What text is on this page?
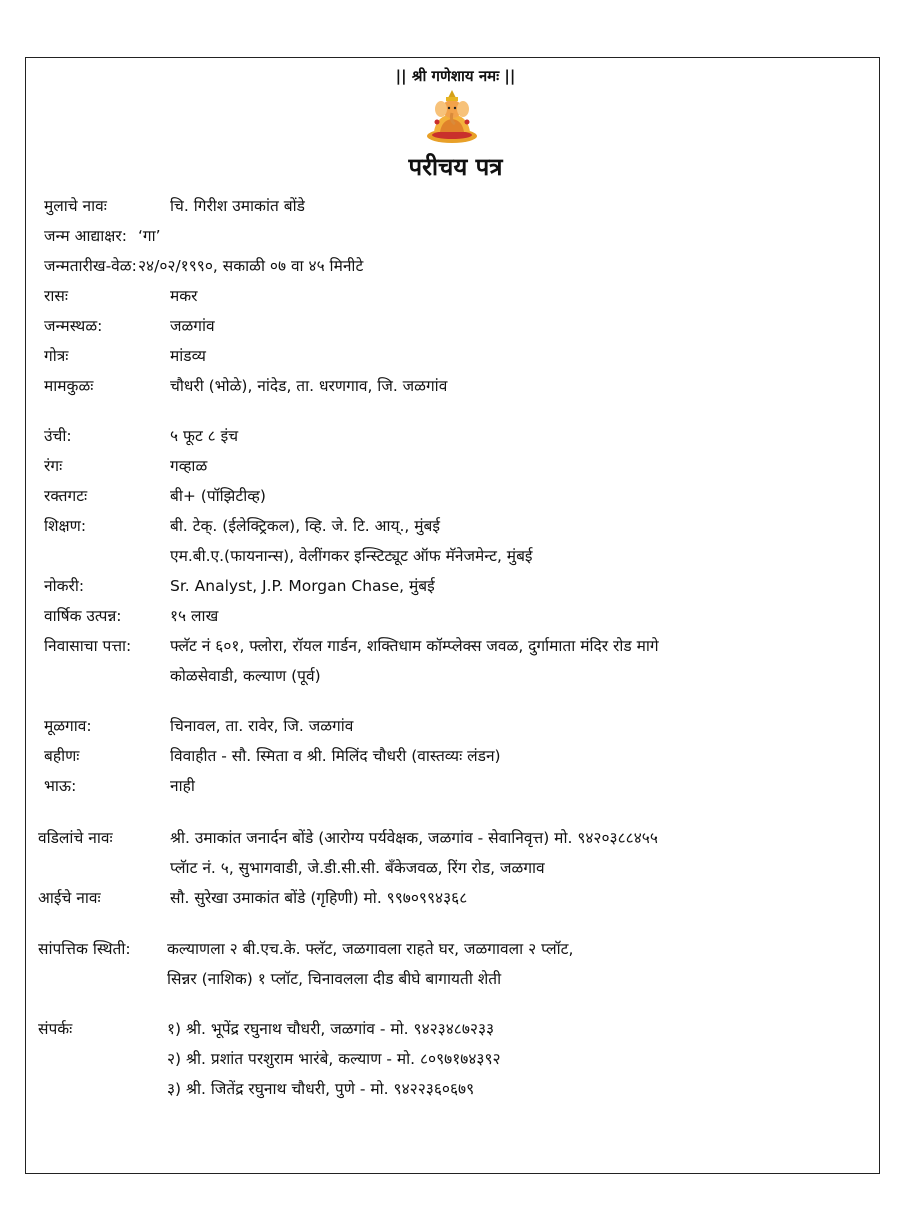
|| श्री गणेशाय नमः ||
परीचय पत्र
मुलाचे नावः	चि. गिरीश उमाकांत बोंडे
जन्म आद्याक्षर: ‘गा’
जन्मतारीख-वेळ: २४/०२/१९९०, सकाळी ०७ वा ४५ मिनीटे
रासः	मकर
जन्मस्थळ:	जळगांव
गोत्रः	मांडव्य
मामकुळः	चौधरी (भोळे), नांदेड, ता. धरणगाव, जि. जळगांव
उंची:	५ फूट ८ इंच
रंगः	गव्हाळ
रक्तगटः	बी+ (पॉझिटीव्ह)
शिक्षण:	बी. टेक्. (ईलेक्ट्रिकल), व्हि. जे. टि. आय्., मुंबई
एम.बी.ए.(फायनान्स), वेलींगकर इन्स्टिट्यूट ऑफ मॅनेजमेन्ट, मुंबई
नोकरी:	Sr. Analyst, J.P. Morgan Chase, मुंबई
वार्षिक उत्पन्न:	१५ लाख
निवासाचा पत्ता: फ्लॅट नं ६०१, फ्लोरा, रॉयल गार्डन, शक्तिधाम कॉम्प्लेक्स जवळ, दुर्गामाता मंदिर रोड मागे
कोळसेवाडी, कल्याण (पूर्व)
मूळगाव:	चिनावल, ता. रावेर, जि. जळगांव
बहीणः	विवाहीत - सौ. स्मिता व श्री. मिलिंद चौधरी (वास्तव्यः लंडन)
भाऊ:	नाही
वडिलांचे नावः	श्री. उमाकांत जनार्दन बोंडे (आरोग्य पर्यवेक्षक, जळगांव - सेवानिवृत्त) मो. ९४२०३८८४५५
प्लॅाट नं. ५, सुभागवाडी, जे.डी.सी.सी. बँकेजवळ, रिंग रोड, जळगाव
आईचे नावः	सौ. सुरेखा उमाकांत बोंडे (गृहिणी) मो. ९९७०९९४३६८
सांपत्तिक स्थिती: कल्याणला २ बी.एच.के. फ्लॅट, जळगावला राहते घर, जळगावला २ प्लॉट,
सिन्नर (नाशिक) १ प्लॉट, चिनावलला दीड बीघे बागायती शेती
संपर्कः	१) श्री. भूपेंद्र रघुनाथ चौधरी, जळगांव - मो. ९४२३४८७२३३
२) श्री. प्रशांत परशुराम भारंबे, कल्याण - मो. ८०९७१७४३९२
३) श्री. जितेंद्र रघुनाथ चौधरी, पुणे - मो. ९४२२३६०६७९
